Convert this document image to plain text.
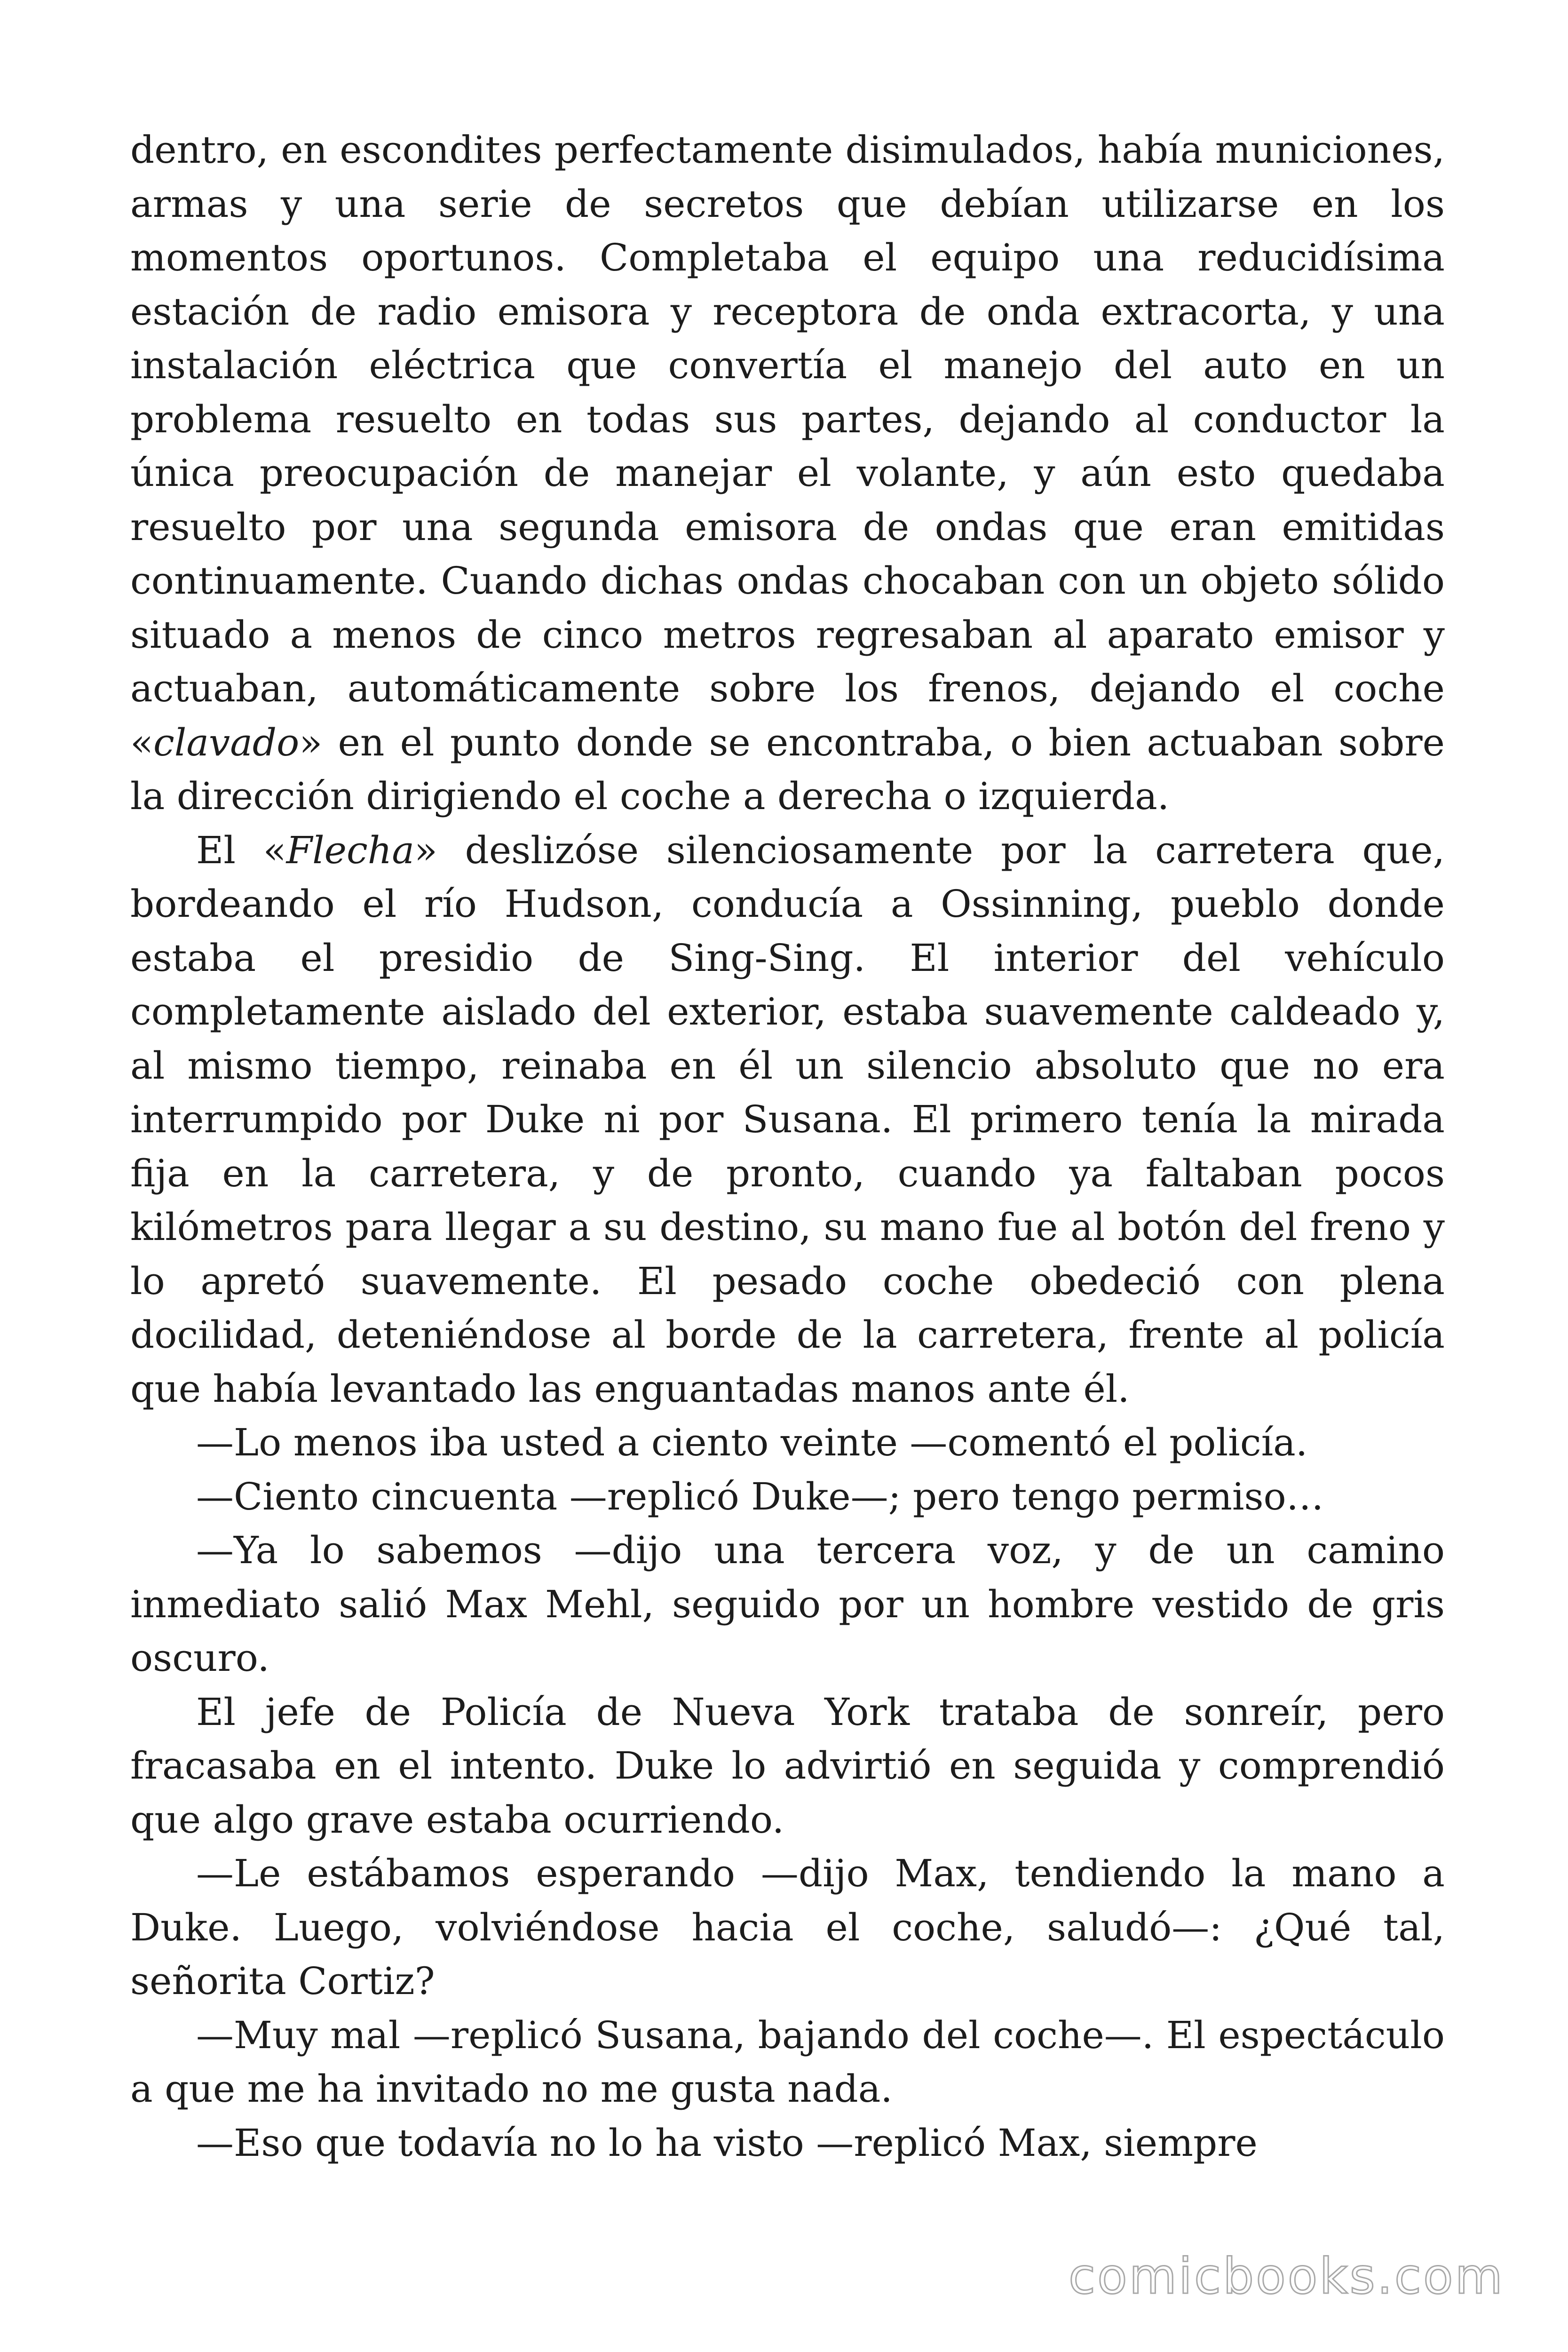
dentro, en escondites perfectamente disimulados, había municiones, armas y una serie de secretos que debían utilizarse en los momentos oportunos. Completaba el equipo una reducidísima estación de radio emisora y receptora de onda extracorta, y una instalación eléctrica que convertía el manejo del auto en un problema resuelto en todas sus partes, dejando al conductor la única preocupación de manejar el volante, y aún esto quedaba resuelto por una segunda emisora de ondas que eran emitidas continuamente. Cuando dichas ondas chocaban con un objeto sólido situado a menos de cinco metros regresaban al aparato emisor y actuaban, automáticamente sobre los frenos, dejando el coche «clavado» en el punto donde se encontraba, o bien actuaban sobre la dirección dirigiendo el coche a derecha o izquierda.

El «Flecha» deslizóse silenciosamente por la carretera que, bordeando el río Hudson, conducía a Ossinning, pueblo donde estaba el presidio de Sing-Sing. El interior del vehículo completamente aislado del exterior, estaba suavemente caldeado y, al mismo tiempo, reinaba en él un silencio absoluto que no era interrumpido por Duke ni por Susana. El primero tenía la mirada fija en la carretera, y de pronto, cuando ya faltaban pocos kilómetros para llegar a su destino, su mano fue al botón del freno y lo apretó suavemente. El pesado coche obedeció con plena docilidad, deteniéndose al borde de la carretera, frente al policía que había levantado las enguantadas manos ante él.

—Lo menos iba usted a ciento veinte —comentó el policía.

—Ciento cincuenta —replicó Duke—; pero tengo permiso…

—Ya lo sabemos —dijo una tercera voz, y de un camino inmediato salió Max Mehl, seguido por un hombre vestido de gris oscuro.

El jefe de Policía de Nueva York trataba de sonreír, pero fracasaba en el intento. Duke lo advirtió en seguida y comprendió que algo grave estaba ocurriendo.

—Le estábamos esperando —dijo Max, tendiendo la mano a Duke. Luego, volviéndose hacia el coche, saludó—: ¿Qué tal, señorita Cortiz?

—Muy mal —replicó Susana, bajando del coche—. El espectáculo a que me ha invitado no me gusta nada.

—Eso que todavía no lo ha visto —replicó Max, siempre

comicbooks.com
